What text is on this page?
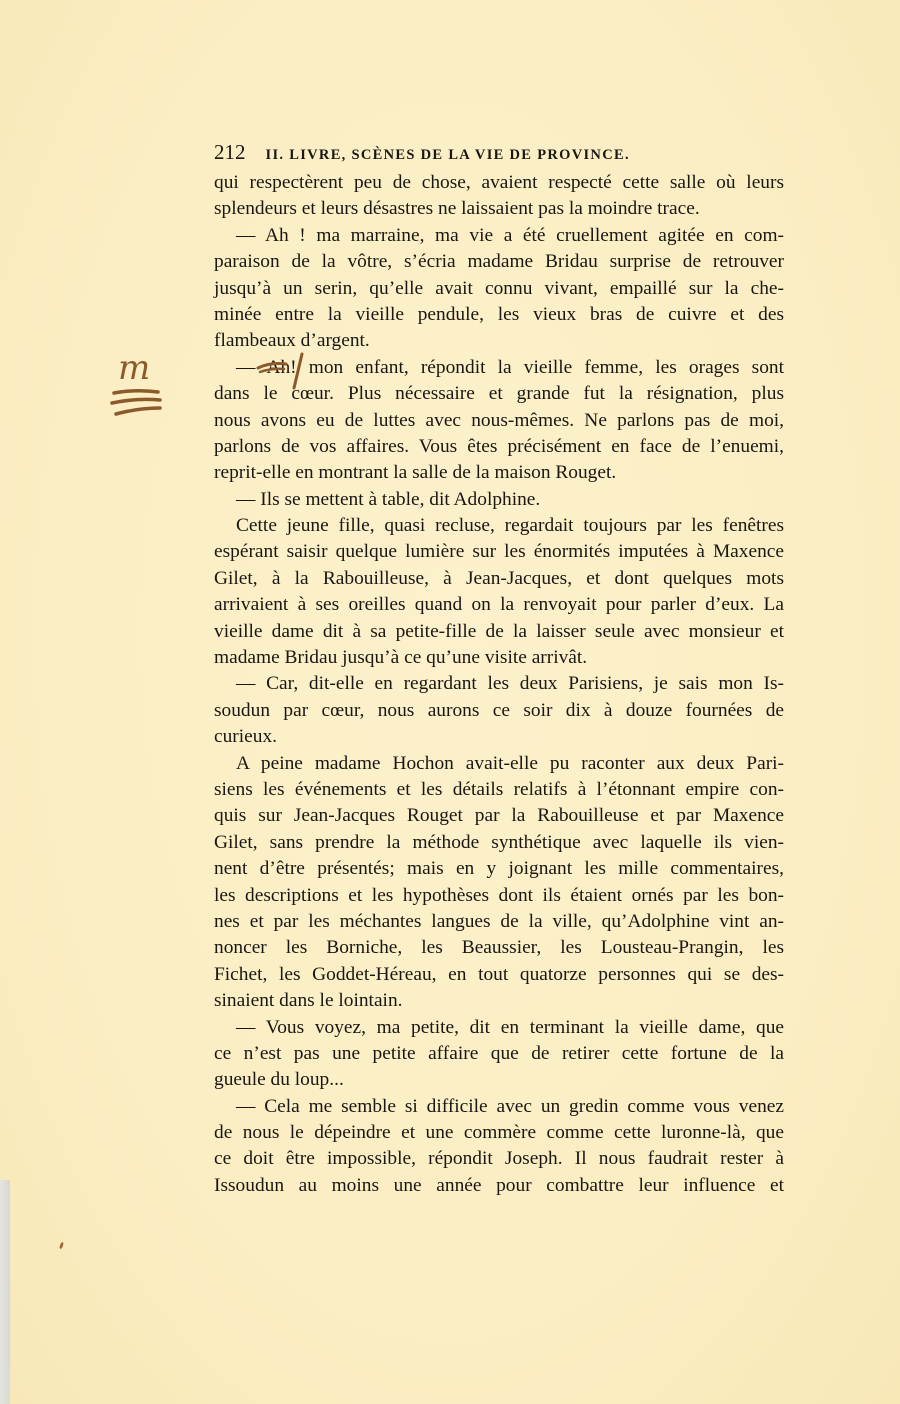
212 II. LIVRE, SCÈNES DE LA VIE DE PROVINCE.
qui respectèrent peu de chose, avaient respecté cette salle où leurs
splendeurs et leurs désastres ne laissaient pas la moindre trace.
— Ah ! ma marraine, ma vie a été cruellement agitée en com-
paraison de la vôtre, s’écria madame Bridau surprise de retrouver
jusqu’à un serin, qu’elle avait connu vivant, empaillé sur la che-
minée entre la vieille pendule, les vieux bras de cuivre et des
flambeaux d’argent.
— Ah! mon enfant, répondit la vieille femme, les orages sont
dans le cœur. Plus nécessaire et grande fut la résignation, plus
nous avons eu de luttes avec nous-mêmes. Ne parlons pas de moi,
parlons de vos affaires. Vous êtes précisément en face de l’enuemi,
reprit-elle en montrant la salle de la maison Rouget.
— Ils se mettent à table, dit Adolphine.
Cette jeune fille, quasi recluse, regardait toujours par les fenêtres
espérant saisir quelque lumière sur les énormités imputées à Maxence
Gilet, à la Rabouilleuse, à Jean-Jacques, et dont quelques mots
arrivaient à ses oreilles quand on la renvoyait pour parler d’eux. La
vieille dame dit à sa petite-fille de la laisser seule avec monsieur et
madame Bridau jusqu’à ce qu’une visite arrivât.
— Car, dit-elle en regardant les deux Parisiens, je sais mon Is-
soudun par cœur, nous aurons ce soir dix à douze fournées de
curieux.
A peine madame Hochon avait-elle pu raconter aux deux Pari-
siens les événements et les détails relatifs à l’étonnant empire con-
quis sur Jean-Jacques Rouget par la Rabouilleuse et par Maxence
Gilet, sans prendre la méthode synthétique avec laquelle ils vien-
nent d’être présentés; mais en y joignant les mille commentaires,
les descriptions et les hypothèses dont ils étaient ornés par les bon-
nes et par les méchantes langues de la ville, qu’Adolphine vint an-
noncer les Borniche, les Beaussier, les Lousteau-Prangin, les
Fichet, les Goddet-Héreau, en tout quatorze personnes qui se des-
sinaient dans le lointain.
— Vous voyez, ma petite, dit en terminant la vieille dame, que
ce n’est pas une petite affaire que de retirer cette fortune de la
gueule du loup...
— Cela me semble si difficile avec un gredin comme vous venez
de nous le dépeindre et une commère comme cette luronne-là, que
ce doit être impossible, répondit Joseph. Il nous faudrait rester à
Issoudun au moins une année pour combattre leur influence et
m
